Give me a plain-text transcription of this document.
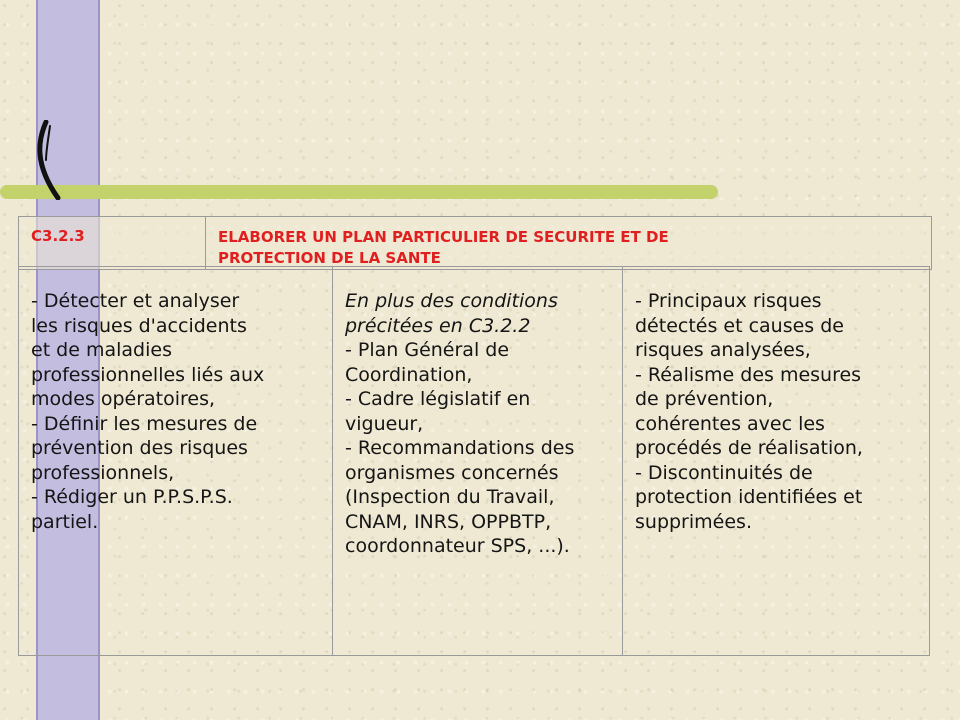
C3.2.3	ELABORER UN PLAN PARTICULIER DE SECURITE ET DE
PROTECTION DE LA SANTE
- Détecter et analyser
les risques d'accidents
et de maladies
professionnelles liés aux
modes opératoires,
- Définir les mesures de
prévention des risques
professionnels,
- Rédiger un P.P.S.P.S.
partiel.
En plus des conditions
précitées en C3.2.2
- Plan Général de
Coordination,
- Cadre législatif en
vigueur,
- Recommandations des
organismes concernés
(Inspection du Travail,
CNAM, INRS, OPPBTP,
coordonnateur SPS, ...).
- Principaux risques
détectés et causes de
risques analysées,
- Réalisme des mesures
de prévention,
cohérentes avec les
procédés de réalisation,
- Discontinuités de
protection identifiées et
supprimées.
